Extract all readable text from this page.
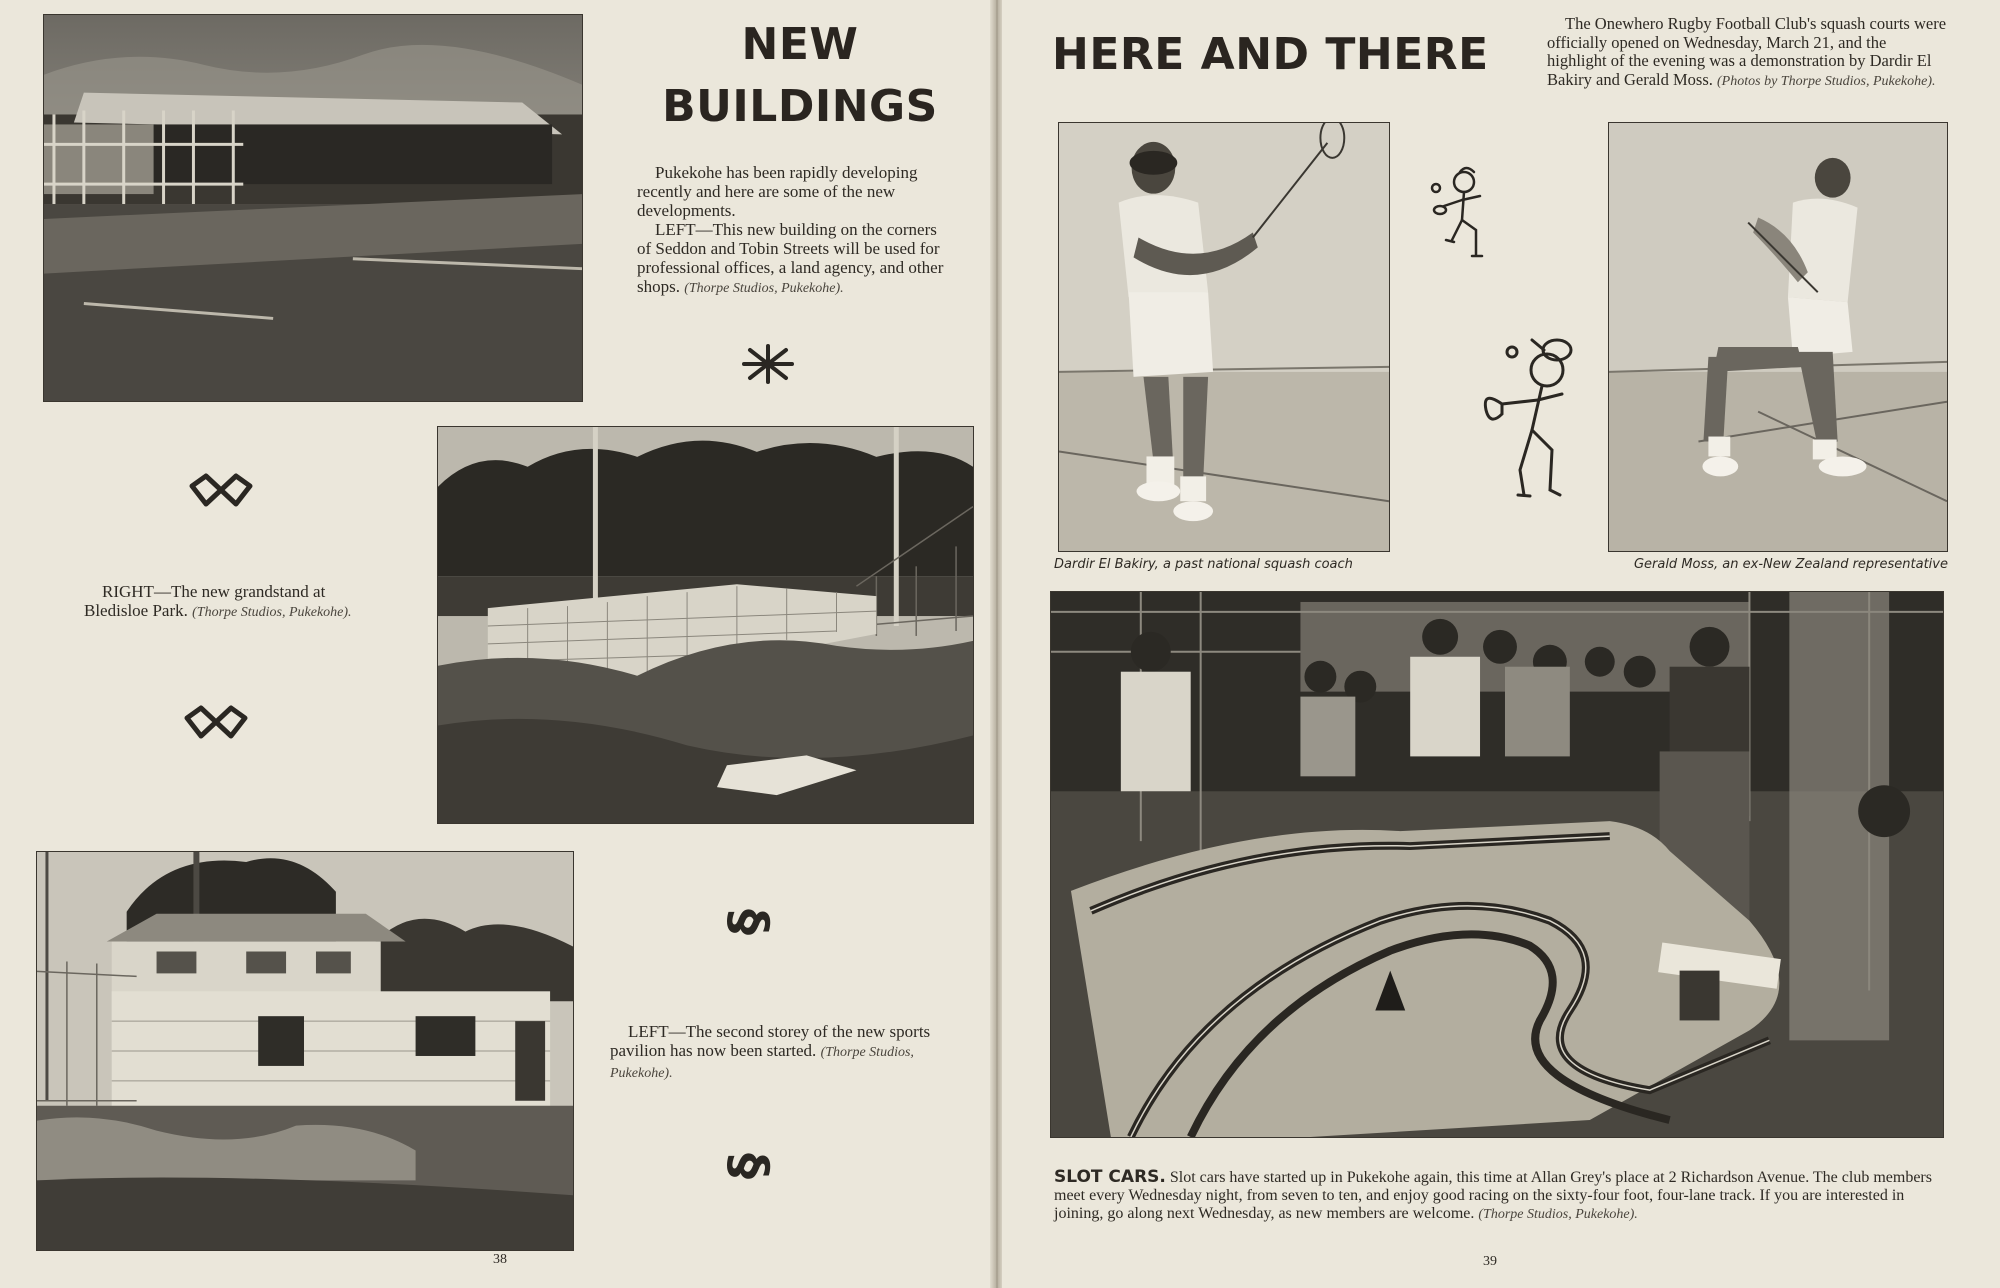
NEW
BUILDINGS

Pukekohe has been rapidly developing recently and here are some of the new developments.

LEFT—This new building on the corners of Seddon and Tobin Streets will be used for professional offices, a land agency, and other shops. (Thorpe Studios, Pukekohe).

RIGHT—The new grandstand at Bledisloe Park. (Thorpe Studios, Pukekohe).
§
§
LEFT—The second storey of the new sports pavilion has now been started. (Thorpe Studios, Pukekohe).
38
HERE AND THERE
The Onewhero Rugby Football Club's squash courts were officially opened on Wednesday, March 21, and the highlight of the evening was a demonstration by Dardir El Bakiry and Gerald Moss. (Photos by Thorpe Studios, Pukekohe).
Dardir El Bakiry, a past national squash coach	Gerald Moss, an ex-New Zealand representative
SLOT CARS. Slot cars have started up in Pukekohe again, this time at Allan Grey's place at 2 Richardson Avenue. The club members meet every Wednesday night, from seven to ten, and enjoy good racing on the sixty-four foot, four-lane track. If you are interested in joining, go along next Wednesday, as new members are welcome. (Thorpe Studios, Pukekohe).
39
